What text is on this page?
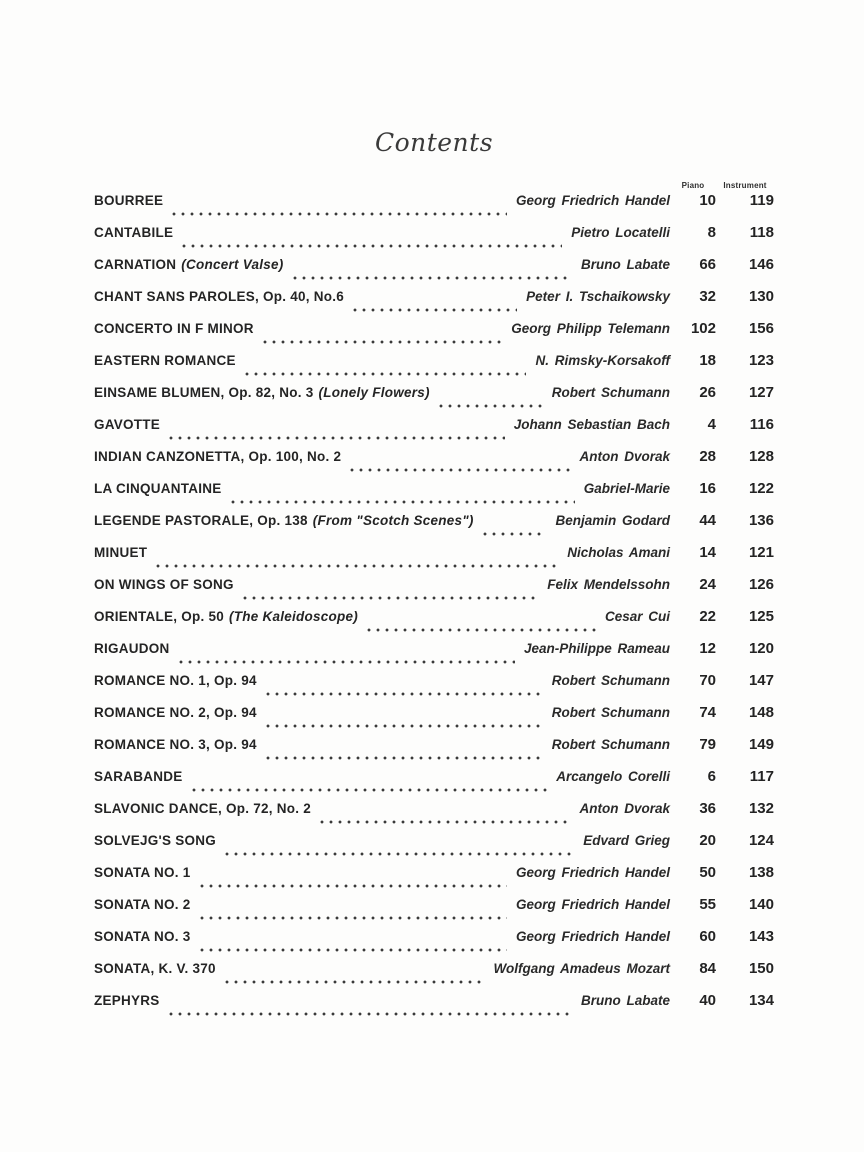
Contents
Piano	Instrument
BOURREE	Georg Friedrich Handel	10	119
CANTABILE	Pietro Locatelli	8	118
CARNATION (Concert Valse)	Bruno Labate	66	146
CHANT SANS PAROLES, Op. 40, No.6	Peter I. Tschaikowsky	32	130
CONCERTO IN F MINOR	Georg Philipp Telemann	102	156
EASTERN ROMANCE	N. Rimsky-Korsakoff	18	123
EINSAME BLUMEN, Op. 82, No. 3 (Lonely Flowers)	Robert Schumann	26	127
GAVOTTE	Johann Sebastian Bach	4	116
INDIAN CANZONETTA, Op. 100, No. 2	Anton Dvorak	28	128
LA CINQUANTAINE	Gabriel-Marie	16	122
LEGENDE PASTORALE, Op. 138 (From "Scotch Scenes")	Benjamin Godard	44	136
MINUET	Nicholas Amani	14	121
ON WINGS OF SONG	Felix Mendelssohn	24	126
ORIENTALE, Op. 50 (The Kaleidoscope)	Cesar Cui	22	125
RIGAUDON	Jean-Philippe Rameau	12	120
ROMANCE NO. 1, Op. 94	Robert Schumann	70	147
ROMANCE NO. 2, Op. 94	Robert Schumann	74	148
ROMANCE NO. 3, Op. 94	Robert Schumann	79	149
SARABANDE	Arcangelo Corelli	6	117
SLAVONIC DANCE, Op. 72, No. 2	Anton Dvorak	36	132
SOLVEJG'S SONG	Edvard Grieg	20	124
SONATA NO. 1	Georg Friedrich Handel	50	138
SONATA NO. 2	Georg Friedrich Handel	55	140
SONATA NO. 3	Georg Friedrich Handel	60	143
SONATA, K. V. 370	Wolfgang Amadeus Mozart	84	150
ZEPHYRS	Bruno Labate	40	134
